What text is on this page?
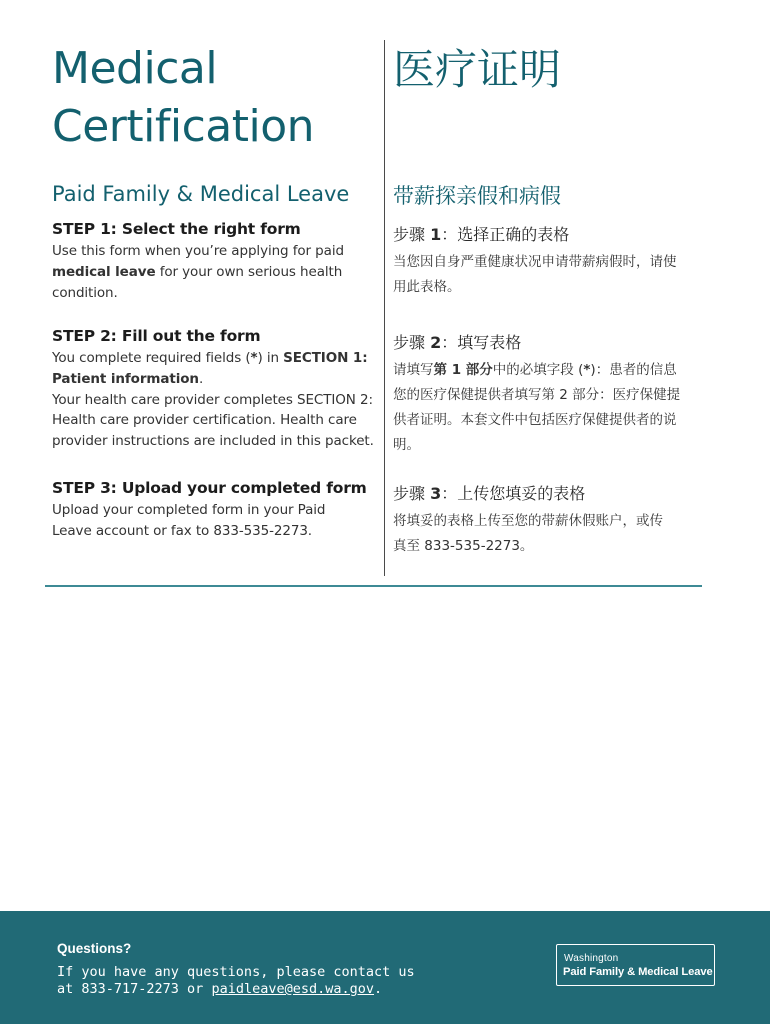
Medical
Certification
Paid Family & Medical Leave
STEP 1: Select the right form
Use this form when you’re applying for paid
medical leave for your own serious health
condition.
STEP 2: Fill out the form
You complete required fields (*) in SECTION 1:
Patient information.
Your health care provider completes SECTION 2:
Health care provider certification. Health care
provider instructions are included in this packet.
STEP 3: Upload your completed form
Upload your completed form in your Paid
Leave account or fax to 833-535-2273.
医疗证明
带薪探亲假和病假
步骤 1：选择正确的表格
当您因自身严重健康状况申请带薪病假时，请使
用此表格。
步骤 2：填写表格
请填写第 1 部分中的必填字段 (*)：患者的信息
您的医疗保健提供者填写第 2 部分：医疗保健提
供者证明。本套文件中包括医疗保健提供者的说
明。
步骤 3：上传您填妥的表格
将填妥的表格上传至您的带薪休假账户，或传
真至 833-535-2273。
Questions?
If you have any questions, please contact us
at 833-717-2273 or paidleave@esd.wa.gov.
Washington
Paid Family & Medical Leave
